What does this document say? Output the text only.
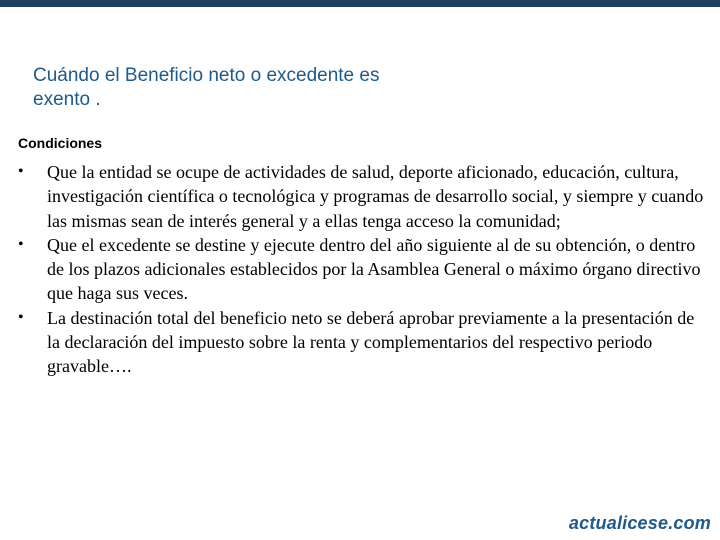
Cuándo el Beneficio neto o excedente es
exento .
Condiciones
•	Que la entidad se ocupe de actividades de salud, deporte aficionado, educación, cultura, investigación científica o tecnológica y programas de desarrollo social, y siempre y cuando las mismas sean de interés general y a ellas tenga acceso la comunidad;
•	Que el excedente se destine y ejecute dentro del año siguiente al de su obtención, o dentro de los plazos adicionales establecidos por la Asamblea General o máximo órgano directivo que haga sus veces.
•	La destinación total del beneficio neto se deberá aprobar previamente a la presentación de la declaración del impuesto sobre la renta y complementarios del respectivo periodo gravable….
actualicese.com
